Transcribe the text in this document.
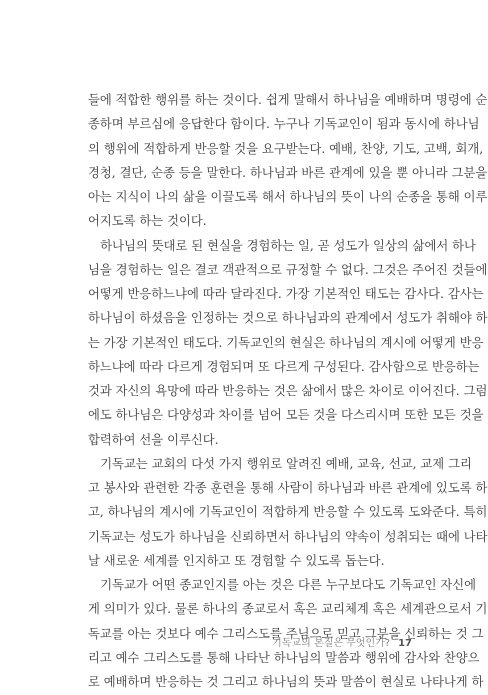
들에 적합한 행위를 하는 것이다. 쉽게 말해서 하나님을 예배하며 명령에 순
종하며 부르심에 응답한다 함이다. 누구나 기독교인이 됨과 동시에 하나님
의 행위에 적합하게 반응할 것을 요구받는다. 예배, 찬양, 기도, 고백, 회개,
경청, 결단, 순종 등을 말한다. 하나님과 바른 관계에 있을 뿐 아니라 그분을
아는 지식이 나의 삶을 이끌도록 해서 하나님의 뜻이 나의 순종을 통해 이루
어지도록 하는 것이다.
　하나님의 뜻대로 된 현실을 경험하는 일, 곧 성도가 일상의 삶에서 하나
님을 경험하는 일은 결코 객관적으로 규정할 수 없다. 그것은 주어진 것들에
어떻게 반응하느냐에 따라 달라진다. 가장 기본적인 태도는 감사다. 감사는
하나님이 하셨음을 인정하는 것으로 하나님과의 관계에서 성도가 취해야 하
는 가장 기본적인 태도다. 기독교인의 현실은 하나님의 계시에 어떻게 반응
하느냐에 따라 다르게 경험되며 또 다르게 구성된다. 감사함으로 반응하는
것과 자신의 욕망에 따라 반응하는 것은 삶에서 많은 차이로 이어진다. 그럼
에도 하나님은 다양성과 차이를 넘어 모든 것을 다스리시며 또한 모든 것을
합력하여 선을 이루신다.
　기독교는 교회의 다섯 가지 행위로 알려진 예배, 교육, 선교, 교제 그리
고 봉사와 관련한 각종 훈련을 통해 사람이 하나님과 바른 관계에 있도록 하
고, 하나님의 계시에 기독교인이 적합하게 반응할 수 있도록 도와준다. 특히
기독교는 성도가 하나님을 신뢰하면서 하나님의 약속이 성취되는 때에 나타
날 새로운 세계를 인지하고 또 경험할 수 있도록 돕는다.
　기독교가 어떤 종교인지를 아는 것은 다른 누구보다도 기독교인 자신에
게 의미가 있다. 물론 하나의 종교로서 혹은 교리체계 혹은 세계관으로서 기
독교를 아는 것보다 예수 그리스도를 주님으로 믿고 그분을 신뢰하는 것 그
리고 예수 그리스도를 통해 나타난 하나님의 말씀과 행위에 감사와 찬양으
로 예배하며 반응하는 것 그리고 하나님의 뜻과 말씀이 현실로 나타나게 하
기독교의 본질은 무엇인가? 17
